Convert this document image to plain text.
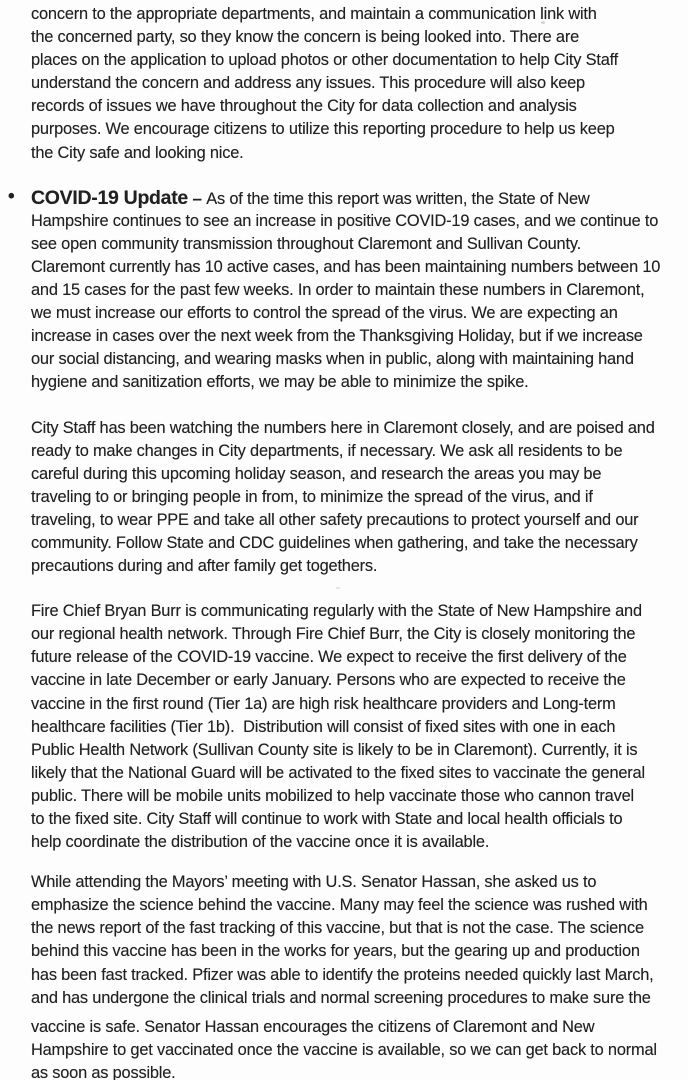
concern to the appropriate departments, and maintain a communication link with
the concerned party, so they know the concern is being looked into. There are
places on the application to upload photos or other documentation to help City Staff
understand the concern and address any issues. This procedure will also keep
records of issues we have throughout the City for data collection and analysis
purposes. We encourage citizens to utilize this reporting procedure to help us keep
the City safe and looking nice.
• COVID-19 Update – As of the time this report was written, the State of New
Hampshire continues to see an increase in positive COVID-19 cases, and we continue to
see open community transmission throughout Claremont and Sullivan County.
Claremont currently has 10 active cases, and has been maintaining numbers between 10
and 15 cases for the past few weeks. In order to maintain these numbers in Claremont,
we must increase our efforts to control the spread of the virus. We are expecting an
increase in cases over the next week from the Thanksgiving Holiday, but if we increase
our social distancing, and wearing masks when in public, along with maintaining hand
hygiene and sanitization efforts, we may be able to minimize the spike.
City Staff has been watching the numbers here in Claremont closely, and are poised and
ready to make changes in City departments, if necessary. We ask all residents to be
careful during this upcoming holiday season, and research the areas you may be
traveling to or bringing people in from, to minimize the spread of the virus, and if
traveling, to wear PPE and take all other safety precautions to protect yourself and our
community. Follow State and CDC guidelines when gathering, and take the necessary
precautions during and after family get togethers.
Fire Chief Bryan Burr is communicating regularly with the State of New Hampshire and
our regional health network. Through Fire Chief Burr, the City is closely monitoring the
future release of the COVID-19 vaccine. We expect to receive the first delivery of the
vaccine in late December or early January. Persons who are expected to receive the
vaccine in the first round (Tier 1a) are high risk healthcare providers and Long-term
healthcare facilities (Tier 1b).  Distribution will consist of fixed sites with one in each
Public Health Network (Sullivan County site is likely to be in Claremont). Currently, it is
likely that the National Guard will be activated to the fixed sites to vaccinate the general
public. There will be mobile units mobilized to help vaccinate those who cannon travel
to the fixed site. City Staff will continue to work with State and local health officials to
help coordinate the distribution of the vaccine once it is available.
While attending the Mayors’ meeting with U.S. Senator Hassan, she asked us to
emphasize the science behind the vaccine. Many may feel the science was rushed with
the news report of the fast tracking of this vaccine, but that is not the case. The science
behind this vaccine has been in the works for years, but the gearing up and production
has been fast tracked. Pfizer was able to identify the proteins needed quickly last March,
and has undergone the clinical trials and normal screening procedures to make sure the
vaccine is safe. Senator Hassan encourages the citizens of Claremont and New
Hampshire to get vaccinated once the vaccine is available, so we can get back to normal
as soon as possible.
